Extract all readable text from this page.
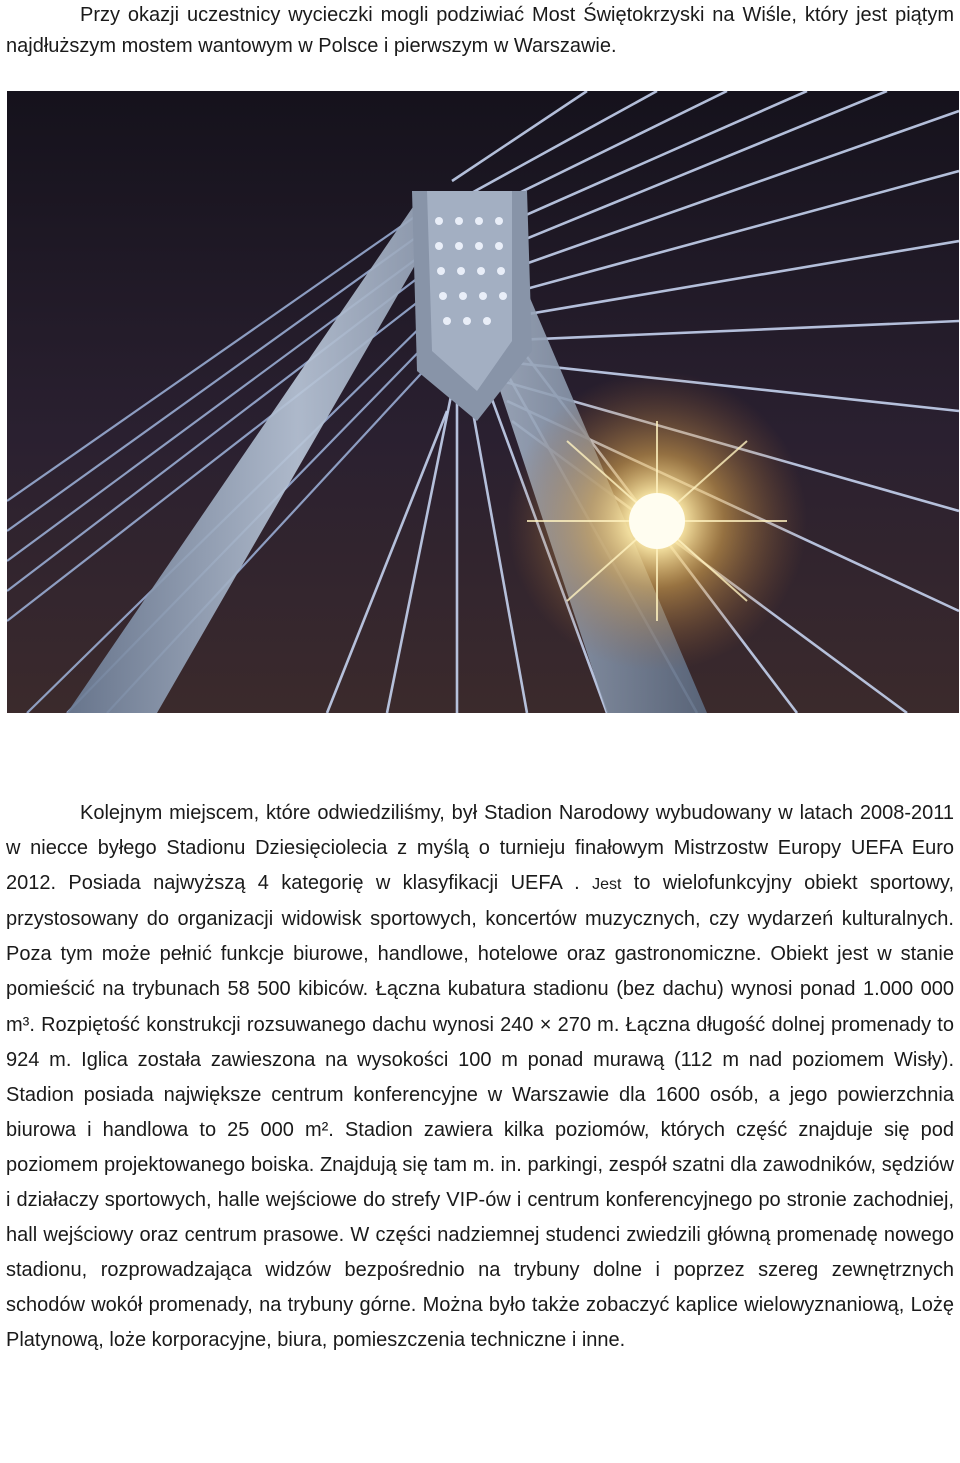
Przy okazji uczestnicy wycieczki mogli podziwiać Most Świętokrzyski na Wiśle, który jest piątym najdłuższym mostem wantowym w Polsce i pierwszym w Warszawie.

Kolejnym miejscem, które odwiedziliśmy, był Stadion Narodowy wybudowany w latach 2008-2011 w niecce byłego Stadionu Dziesięciolecia z myślą o turnieju finałowym Mistrzostw Europy UEFA Euro 2012. Posiada najwyższą 4 kategorię w klasyfikacji UEFA . Jest to wielofunkcyjny obiekt sportowy, przystosowany do organizacji widowisk sportowych, koncertów muzycznych, czy wydarzeń kulturalnych. Poza tym może pełnić funkcje biurowe, handlowe, hotelowe oraz gastronomiczne. Obiekt jest w stanie pomieścić na trybunach 58 500 kibiców. Łączna kubatura stadionu (bez dachu) wynosi ponad 1.000 000 m³. Rozpiętość konstrukcji rozsuwanego dachu wynosi 240 × 270 m. Łączna długość dolnej promenady to 924 m. Iglica została zawieszona na wysokości 100 m ponad murawą (112 m nad poziomem Wisły). Stadion posiada największe centrum konferencyjne w Warszawie dla 1600 osób, a jego powierzchnia biurowa i handlowa to 25 000 m². Stadion zawiera kilka poziomów, których część znajduje się pod poziomem projektowanego boiska. Znajdują się tam m. in. parkingi, zespół szatni dla zawodników, sędziów i działaczy sportowych, halle wejściowe do strefy VIP-ów i centrum konferencyjnego po stronie zachodniej, hall wejściowy oraz centrum prasowe. W części nadziemnej studenci zwiedzili główną promenadę nowego stadionu, rozprowadzająca widzów bezpośrednio na trybuny dolne i poprzez szereg zewnętrznych schodów wokół promenady, na trybuny górne. Można było także zobaczyć kaplice wielowyznaniową, Lożę Platynową, loże korporacyjne, biura, pomieszczenia techniczne i inne.
